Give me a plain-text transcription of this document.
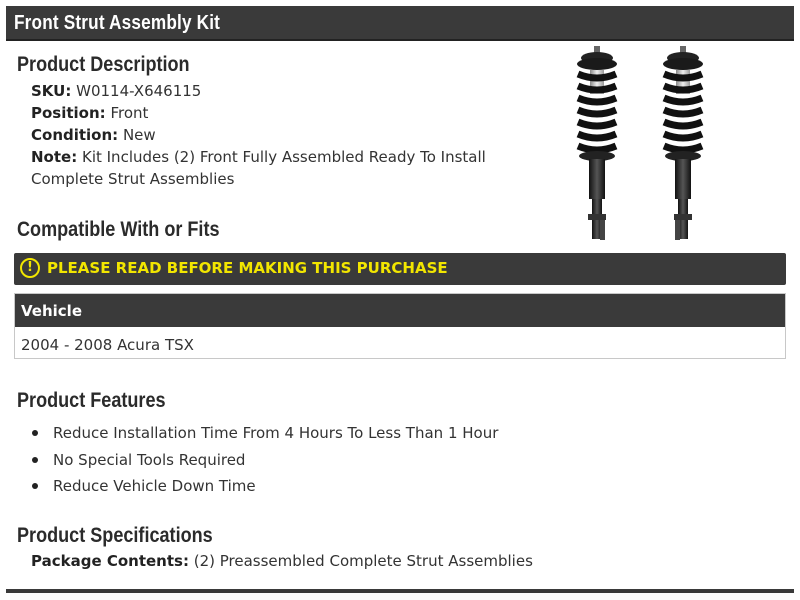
Front Strut Assembly Kit
Product Description
SKU: W0114-X646115
Position: Front
Condition: New
Note: Kit Includes (2) Front Fully Assembled Ready To Install
Complete Strut Assemblies
Compatible With or Fits
! PLEASE READ BEFORE MAKING THIS PURCHASE
Vehicle
2004 - 2008 Acura TSX
Product Features
Reduce Installation Time From 4 Hours To Less Than 1 Hour
No Special Tools Required
Reduce Vehicle Down Time
Product Specifications
Package Contents: (2) Preassembled Complete Strut Assemblies
